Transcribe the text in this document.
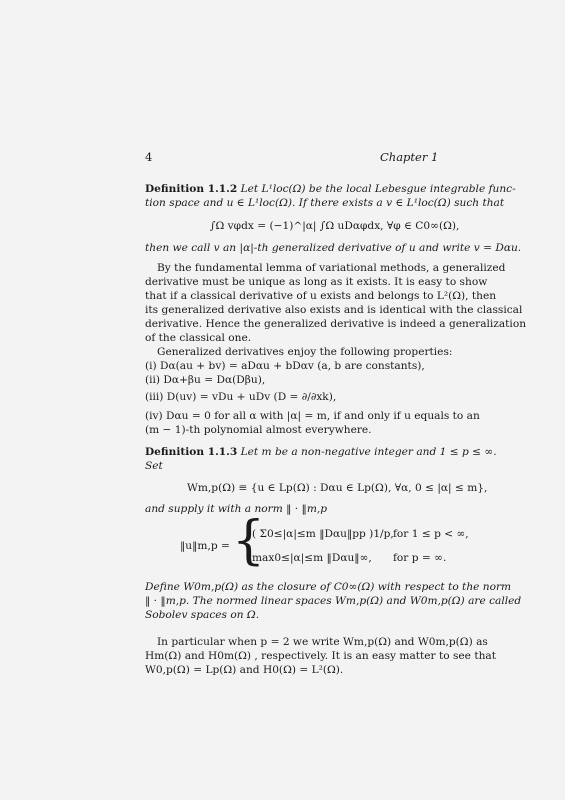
4	Chapter 1
Definition 1.1.2 Let L¹loc(Ω) be the local Lebesgue integrable func-
tion space and u ∈ L¹loc(Ω). If there exists a v ∈ L¹loc(Ω) such that
∫Ω vφdx = (−1)^|α| ∫Ω uDαφdx, ∀φ ∈ C0∞(Ω),
then we call v an |α|-th generalized derivative of u and write v = Dαu.
By the fundamental lemma of variational methods, a generalized
derivative must be unique as long as it exists. It is easy to show
that if a classical derivative of u exists and belongs to L²(Ω), then
its generalized derivative also exists and is identical with the classical
derivative. Hence the generalized derivative is indeed a generalization
of the classical one.
Generalized derivatives enjoy the following properties:
(i) Dα(au + bv) = aDαu + bDαv (a, b are constants),
(ii) Dα+βu = Dα(Dβu),
(iii) D(uv) = vDu + uDv (D = ∂/∂xk),
(iv) Dαu = 0 for all α with |α| = m, if and only if u equals to an
(m − 1)-th polynomial almost everywhere.
Definition 1.1.3 Let m be a non-negative integer and 1 ≤ p ≤ ∞.
Set
Wm,p(Ω) ≡ {u ∈ Lp(Ω) : Dαu ∈ Lp(Ω), ∀α, 0 ≤ |α| ≤ m},
and supply it with a norm ‖ · ‖m,p
‖u‖m,p = {
( Σ0≤|α|≤m ‖Dαu‖pp )1/p, for 1 ≤ p < ∞,
max0≤|α|≤m ‖Dαu‖∞, for p = ∞.
Define W0m,p(Ω) as the closure of C0∞(Ω) with respect to the norm
‖ · ‖m,p. The normed linear spaces Wm,p(Ω) and W0m,p(Ω) are called
Sobolev spaces on Ω.
In particular when p = 2 we write Wm,p(Ω) and W0m,p(Ω) as
Hm(Ω) and H0m(Ω) , respectively. It is an easy matter to see that
W0,p(Ω) = Lp(Ω) and H0(Ω) = L²(Ω).
